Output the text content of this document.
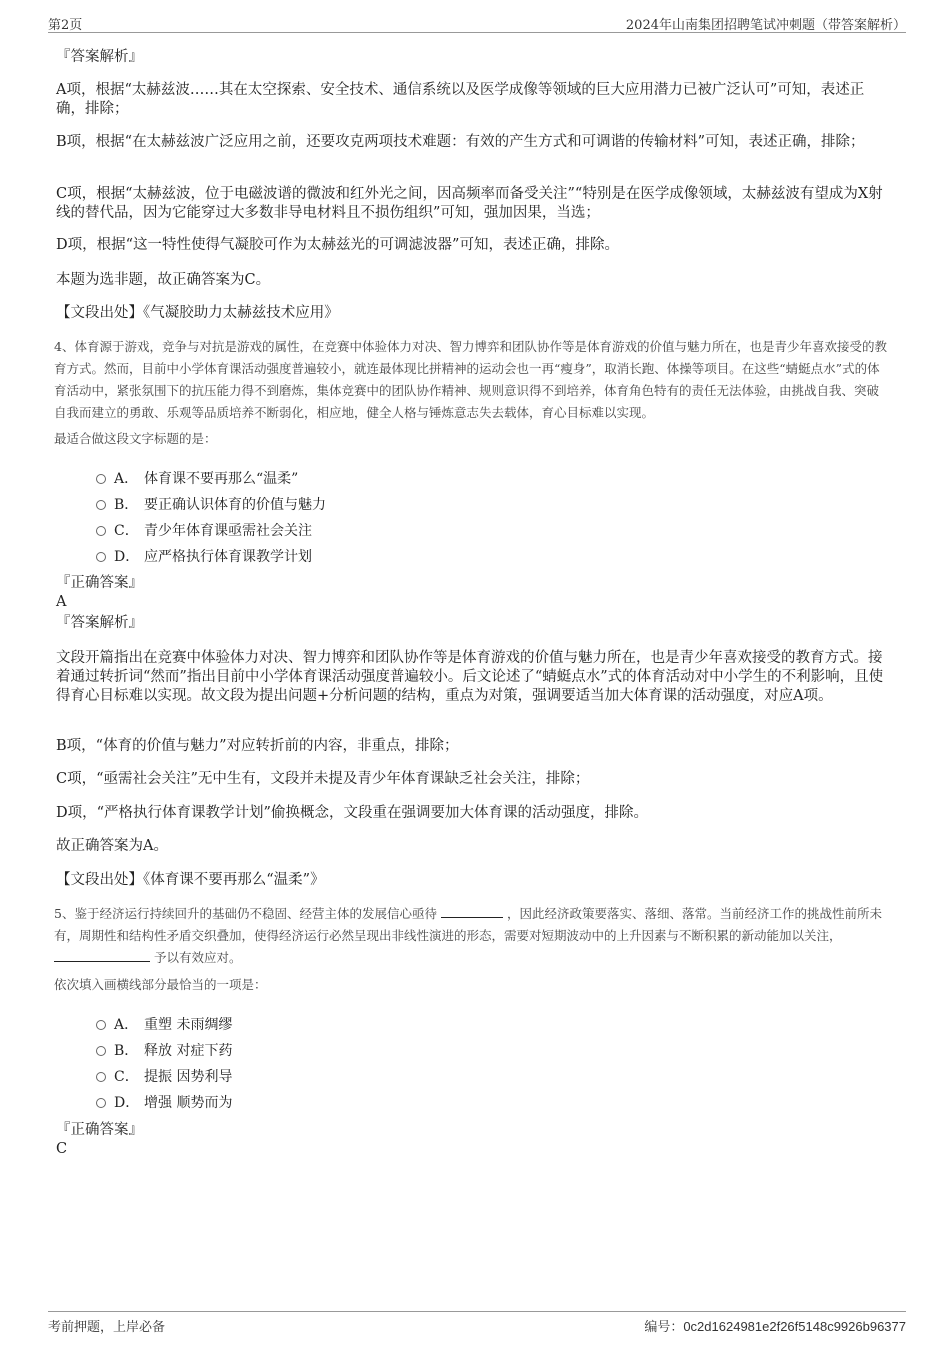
第2页	2024年山南集团招聘笔试冲刺题（带答案解析）
『答案解析』
A项，根据“太赫兹波……其在太空探索、安全技术、通信系统以及医学成像等领域的巨大应用潜力已被广泛认可”可知，表述正确，排除；
B项，根据“在太赫兹波广泛应用之前，还要攻克两项技术难题：有效的产生方式和可调谐的传输材料”可知，表述正确，排除；
C项，根据“太赫兹波，位于电磁波谱的微波和红外光之间，因高频率而备受关注”“特别是在医学成像领域，太赫兹波有望成为X射线的替代品，因为它能穿过大多数非导电材料且不损伤组织”可知，强加因果，当选；
D项，根据“这一特性使得气凝胶可作为太赫兹光的可调滤波器”可知，表述正确，排除。
本题为选非题，故正确答案为C。
【文段出处】《气凝胶助力太赫兹技术应用》
4、体育源于游戏，竞争与对抗是游戏的属性，在竞赛中体验体力对决、智力博弈和团队协作等是体育游戏的价值与魅力所在，也是青少年喜欢接受的教育方式。然而，目前中小学体育课活动强度普遍较小，就连最体现比拼精神的运动会也一再“瘦身”，取消长跑、体操等项目。在这些“蜻蜓点水”式的体育活动中，紧张氛围下的抗压能力得不到磨炼，集体竞赛中的团队协作精神、规则意识得不到培养，体育角色特有的责任无法体验，由挑战自我、突破自我而建立的勇敢、乐观等品质培养不断弱化，相应地，健全人格与锤炼意志失去载体，育心目标难以实现。
最适合做这段文字标题的是：
A． 体育课不要再那么“温柔”
B． 要正确认识体育的价值与魅力
C． 青少年体育课亟需社会关注
D． 应严格执行体育课教学计划
『正确答案』
A
『答案解析』
文段开篇指出在竞赛中体验体力对决、智力博弈和团队协作等是体育游戏的价值与魅力所在，也是青少年喜欢接受的教育方式。接着通过转折词“然而”指出目前中小学体育课活动强度普遍较小。后文论述了“蜻蜓点水”式的体育活动对中小学生的不利影响，且使得育心目标难以实现。故文段为提出问题+分析问题的结构，重点为对策，强调要适当加大体育课的活动强度，对应A项。
B项，“体育的价值与魅力”对应转折前的内容，非重点，排除；
C项，“亟需社会关注”无中生有，文段并未提及青少年体育课缺乏社会关注，排除；
D项，“严格执行体育课教学计划”偷换概念，文段重在强调要加大体育课的活动强度，排除。
故正确答案为A。
【文段出处】《体育课不要再那么“温柔”》
5、鉴于经济运行持续回升的基础仍不稳固、经营主体的发展信心亟待	，因此经济政策要落实、落细、落常。当前经济工作的挑战性前所未有，周期性和结构性矛盾交织叠加，使得经济运行必然呈现出非线性演进的形态，需要对短期波动中的上升因素与不断积累的新动能加以关注，  予以有效应对。
依次填入画横线部分最恰当的一项是：
A． 重塑 未雨绸缪
B． 释放 对症下药
C． 提振 因势利导
D． 增强 顺势而为
『正确答案』
C
考前押题，上岸必备	编号：0c2d1624981e2f26f5148c9926b96377
